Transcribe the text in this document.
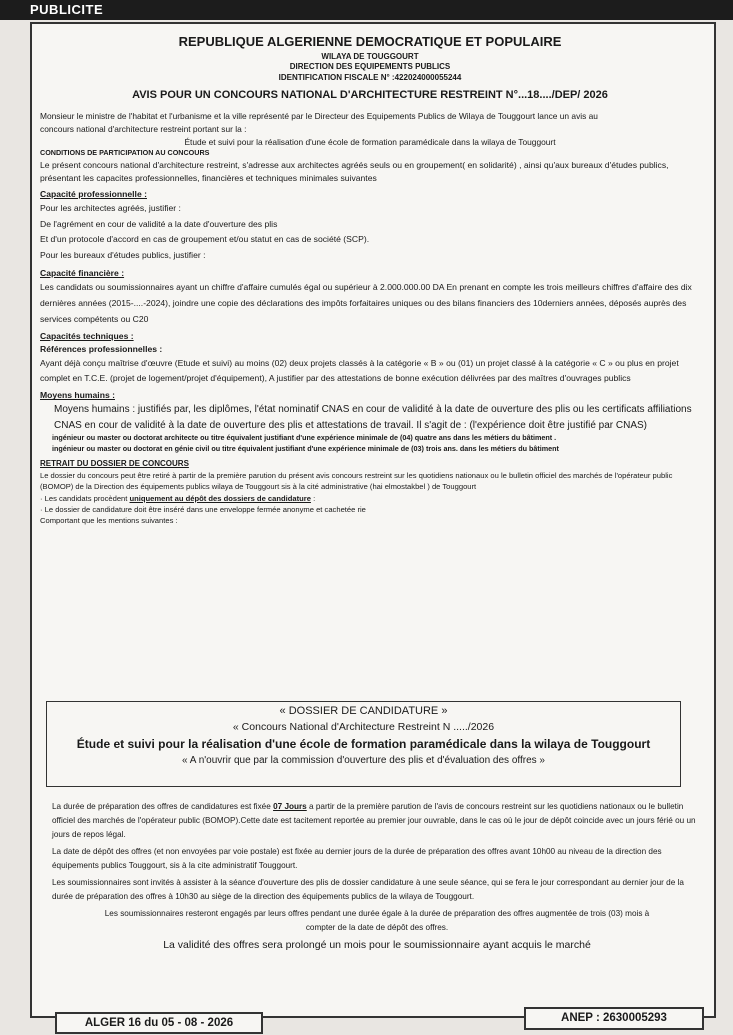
PUBLICITE
REPUBLIQUE ALGERIENNE DEMOCRATIQUE ET POPULAIRE
WILAYA DE TOUGGOURT
DIRECTION DES EQUIPEMENTS PUBLICS
IDENTIFICATION FISCALE N° :422024000055244
AVIS POUR UN CONCOURS NATIONAL D'ARCHITECTURE RESTREINT N°...18..../DEP/ 2026

Monsieur le ministre de l'habitat et l'urbanisme et la ville représenté par le Directeur des Equipements Publics de Wilaya de Touggourt lance un avis au

concours national d'architecture restreint portant sur la :

Étude et suivi pour la réalisation d'une école de formation paramédicale dans la wilaya de Touggourt

CONDITIONS DE PARTICIPATION AU CONCOURS

Le présent concours national d'architecture restreint, s'adresse aux architectes agréés seuls ou en groupement( en solidarité) , ainsi qu'aux bureaux d'études publics, présentant les capacites professionnelles, financières et techniques minimales suivantes

Capacité professionnelle :

Pour les architectes agréés, justifier :

De l'agrément en cour de validité a la date d'ouverture des plis

Et d'un protocole d'accord en cas de groupement et/ou statut en cas de société (SCP).

Pour les bureaux d'études publics, justifier :

Capacité financière :

Les candidats ou soumissionnaires ayant un chiffre d'affaire cumulés égal ou supérieur à 2.000.000.00 DA En prenant en compte les trois meilleurs chiffres d'affaire des dix dernières années (2015-....-2024), joindre une copie des déclarations des impôts forfaitaires uniques ou des bilans financiers des 10derniers années, déposés auprès des services compétents ou C20

Capacités techniques :

Références professionnelles :

Ayant déjà conçu maîtrise d'œuvre (Etude et suivi) au moins (02) deux projets classés à la catégorie « B » ou (01) un projet classé à la catégorie « C » ou plus en projet complet en T.C.E. (projet de logement/projet d'équipement), A justifier par des attestations de bonne exécution délivrées par des maîtres d'ouvrages publics

Moyens humains :

Moyens humains : justifiés par, les diplômes, l'état nominatif CNAS en cour de validité à la date de ouverture des plis ou les certificats affiliations CNAS en cour de validité à la date de ouverture des plis et attestations de travail. Il s'agit de : (l'expérience doit être justifié par CNAS)

ingénieur ou master ou doctorat architecte ou titre équivalent justifiant d'une expérience minimale de (04) quatre ans dans les métiers du bâtiment .

ingénieur ou master ou doctorat en génie civil ou titre équivalent justifiant d'une expérience minimale de (03) trois ans. dans les métiers du bâtiment

RETRAIT DU DOSSIER DE CONCOURS

Le dossier du concours peut être retiré à partir de la première parution du présent avis concours restreint sur les quotidiens nationaux ou le bulletin officiel des marchés de l'opérateur public (BOMOP) de la Direction des équipements publics wilaya de Touggourt sis à la cité administrative (hai elmostakbel ) de Touggourt

· Les candidats procèdent uniquement au dépôt des dossiers de candidature :

· Le dossier de candidature doit être inséré dans une enveloppe fermée anonyme et cachetée rie

Comportant que les mentions suivantes :

« DOSSIER DE CANDIDATURE »
« Concours National d'Architecture Restreint N ...../2026
Étude et suivi pour la réalisation d'une école de formation paramédicale dans la wilaya de Touggourt
« A n'ouvrir que par la commission d'ouverture des plis et d'évaluation des offres »

La durée de préparation des offres de candidatures est fixée 07 Jours a partir de la première parution de l'avis de concours restreint sur les quotidiens nationaux ou le bulletin officiel des marchés de l'opérateur public (BOMOP).Cette date est tacitement reportée au premier jour ouvrable, dans le cas où le jour de dépôt coincide avec un jours férié ou un jours de repos légal.

La date de dépôt des offres (et non envoyées par voie postale) est fixée au dernier jours de la durée de préparation des offres avant 10h00 au niveau de la direction des équipements publics Touggourt, sis à la cite administratif Touggourt.

Les soumissionnaires sont invités à assister à la séance d'ouverture des plis de dossier candidature à une seule séance, qui se fera le jour correspondant au dernier jour de la durée de préparation des offres à 10h30 au siège de la direction des équipements publics de la wilaya de Touggourt.

Les soumissionnaires resteront engagés par leurs offres pendant une durée égale à la durée de préparation des offres augmentée de trois (03) mois à compter de la date de dépôt des offres.

La validité des offres sera prolongé un mois pour le soumissionnaire ayant acquis le marché

ALGER 16 du 05 - 08 - 2026	ANEP : 2630005293
